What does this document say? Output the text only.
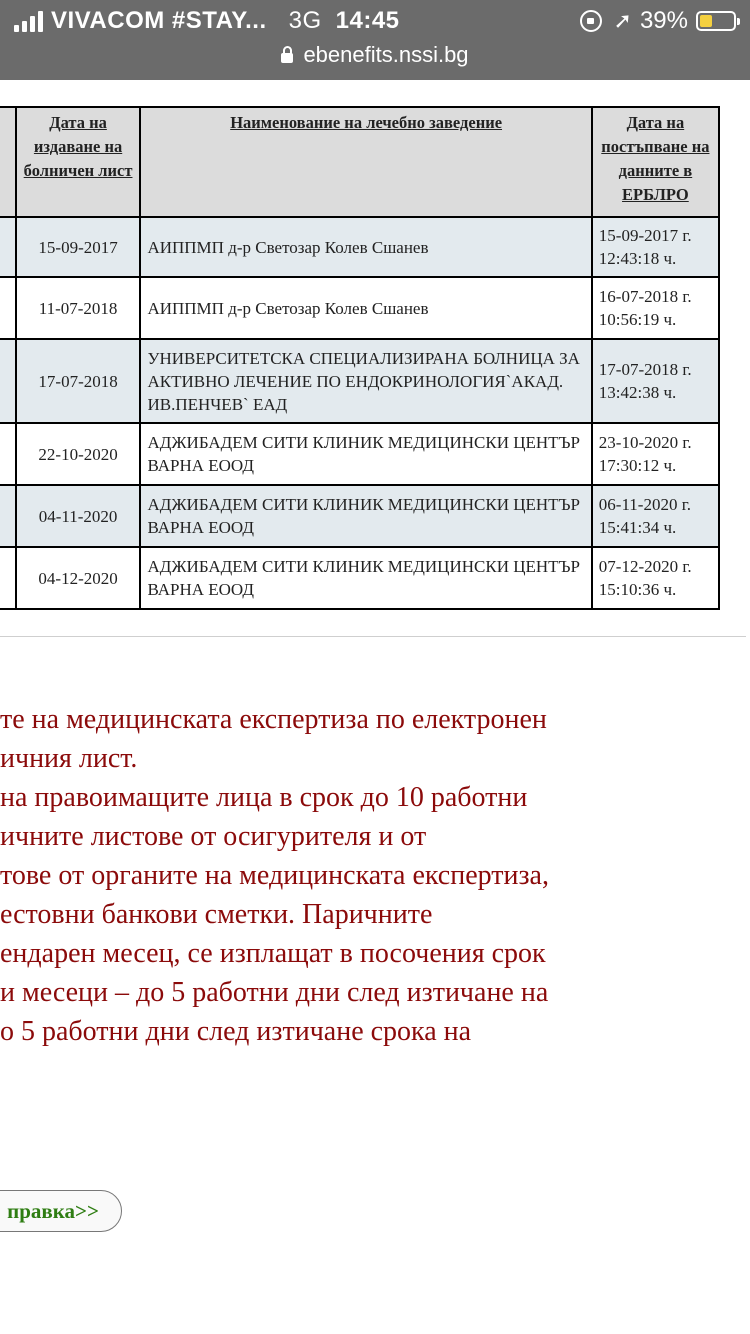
VIVACOM #STAY... 3G 14:45	➚ 39%
ebenefits.nssi.bg
	Дата на издаване на болничен лист	Наименование на лечебно заведение	Дата на постъпване на данните в ЕРБЛРО
	15-09-2017	АИППМП д-р Светозар Колев Сшанев	15-09-2017 г.
12:43:18 ч.
	11-07-2018	АИППМП д-р Светозар Колев Сшанев	16-07-2018 г.
10:56:19 ч.
	17-07-2018	УНИВЕРСИТЕТСКА СПЕЦИАЛИЗИРАНА БОЛНИЦА ЗА АКТИВНО ЛЕЧЕНИЕ ПО ЕНДОКРИНОЛОГИЯ`АКАД. ИВ.ПЕНЧЕВ` ЕАД	17-07-2018 г.
13:42:38 ч.
	22-10-2020	АДЖИБАДЕМ СИТИ КЛИНИК МЕДИЦИНСКИ ЦЕНТЪР ВАРНА ЕООД	23-10-2020 г.
17:30:12 ч.
	04-11-2020	АДЖИБАДЕМ СИТИ КЛИНИК МЕДИЦИНСКИ ЦЕНТЪР ВАРНА ЕООД	06-11-2020 г.
15:41:34 ч.
	04-12-2020	АДЖИБАДЕМ СИТИ КЛИНИК МЕДИЦИНСКИ ЦЕНТЪР ВАРНА ЕООД	07-12-2020 г.
15:10:36 ч.
те на медицинската експертиза по електронен
ичния лист.
на правоимащите лица в срок до 10 работни
ичните листове от осигурителя и от
тове от органите на медицинската експертиза,
естовни банкови сметки. Паричните
ендарен месец, се изплащат в посочения срок
и месеци – до 5 работни дни след изтичане на
о 5 работни дни след изтичане срока на
правка>>
